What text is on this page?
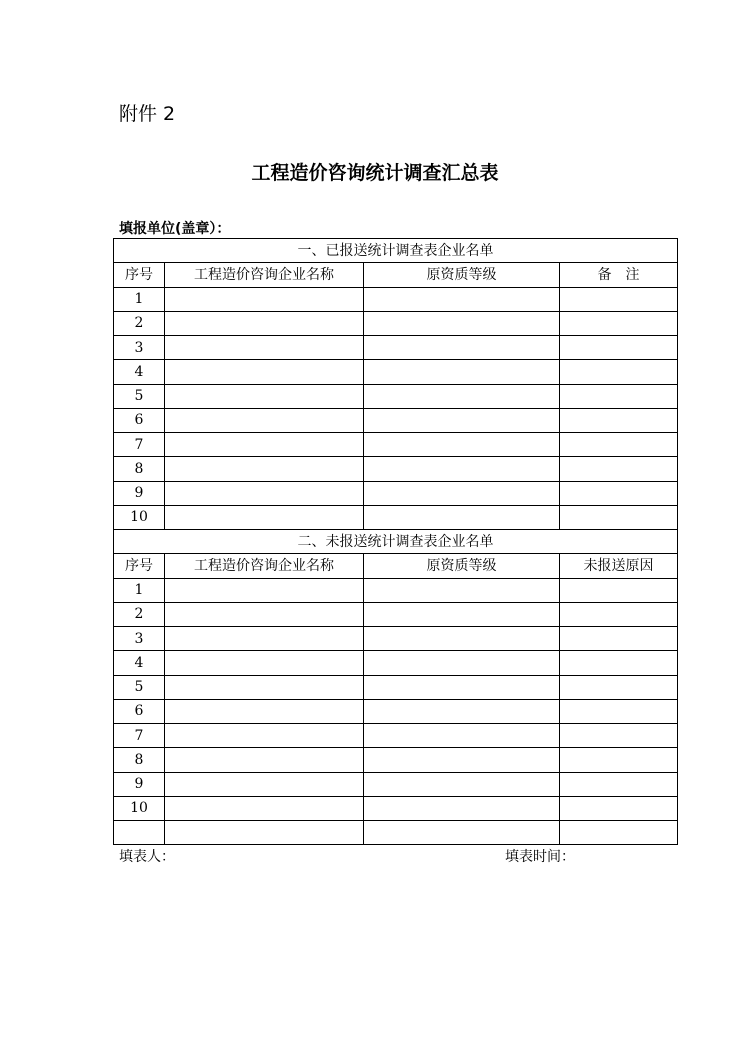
附件 2
工程造价咨询统计调查汇总表
填报单位(盖章）：
一、已报送统计调查表企业名单			
序号	工程造价咨询企业名称	原资质等级	备　注
1			
2			
3			
4			
5			
6			
7			
8			
9			
10			
二、未报送统计调查表企业名单			
序号	工程造价咨询企业名称	原资质等级	未报送原因
1			
2			
3			
4			
5			
6			
7			
8			
9			
10			

填表人：	填表时间：
